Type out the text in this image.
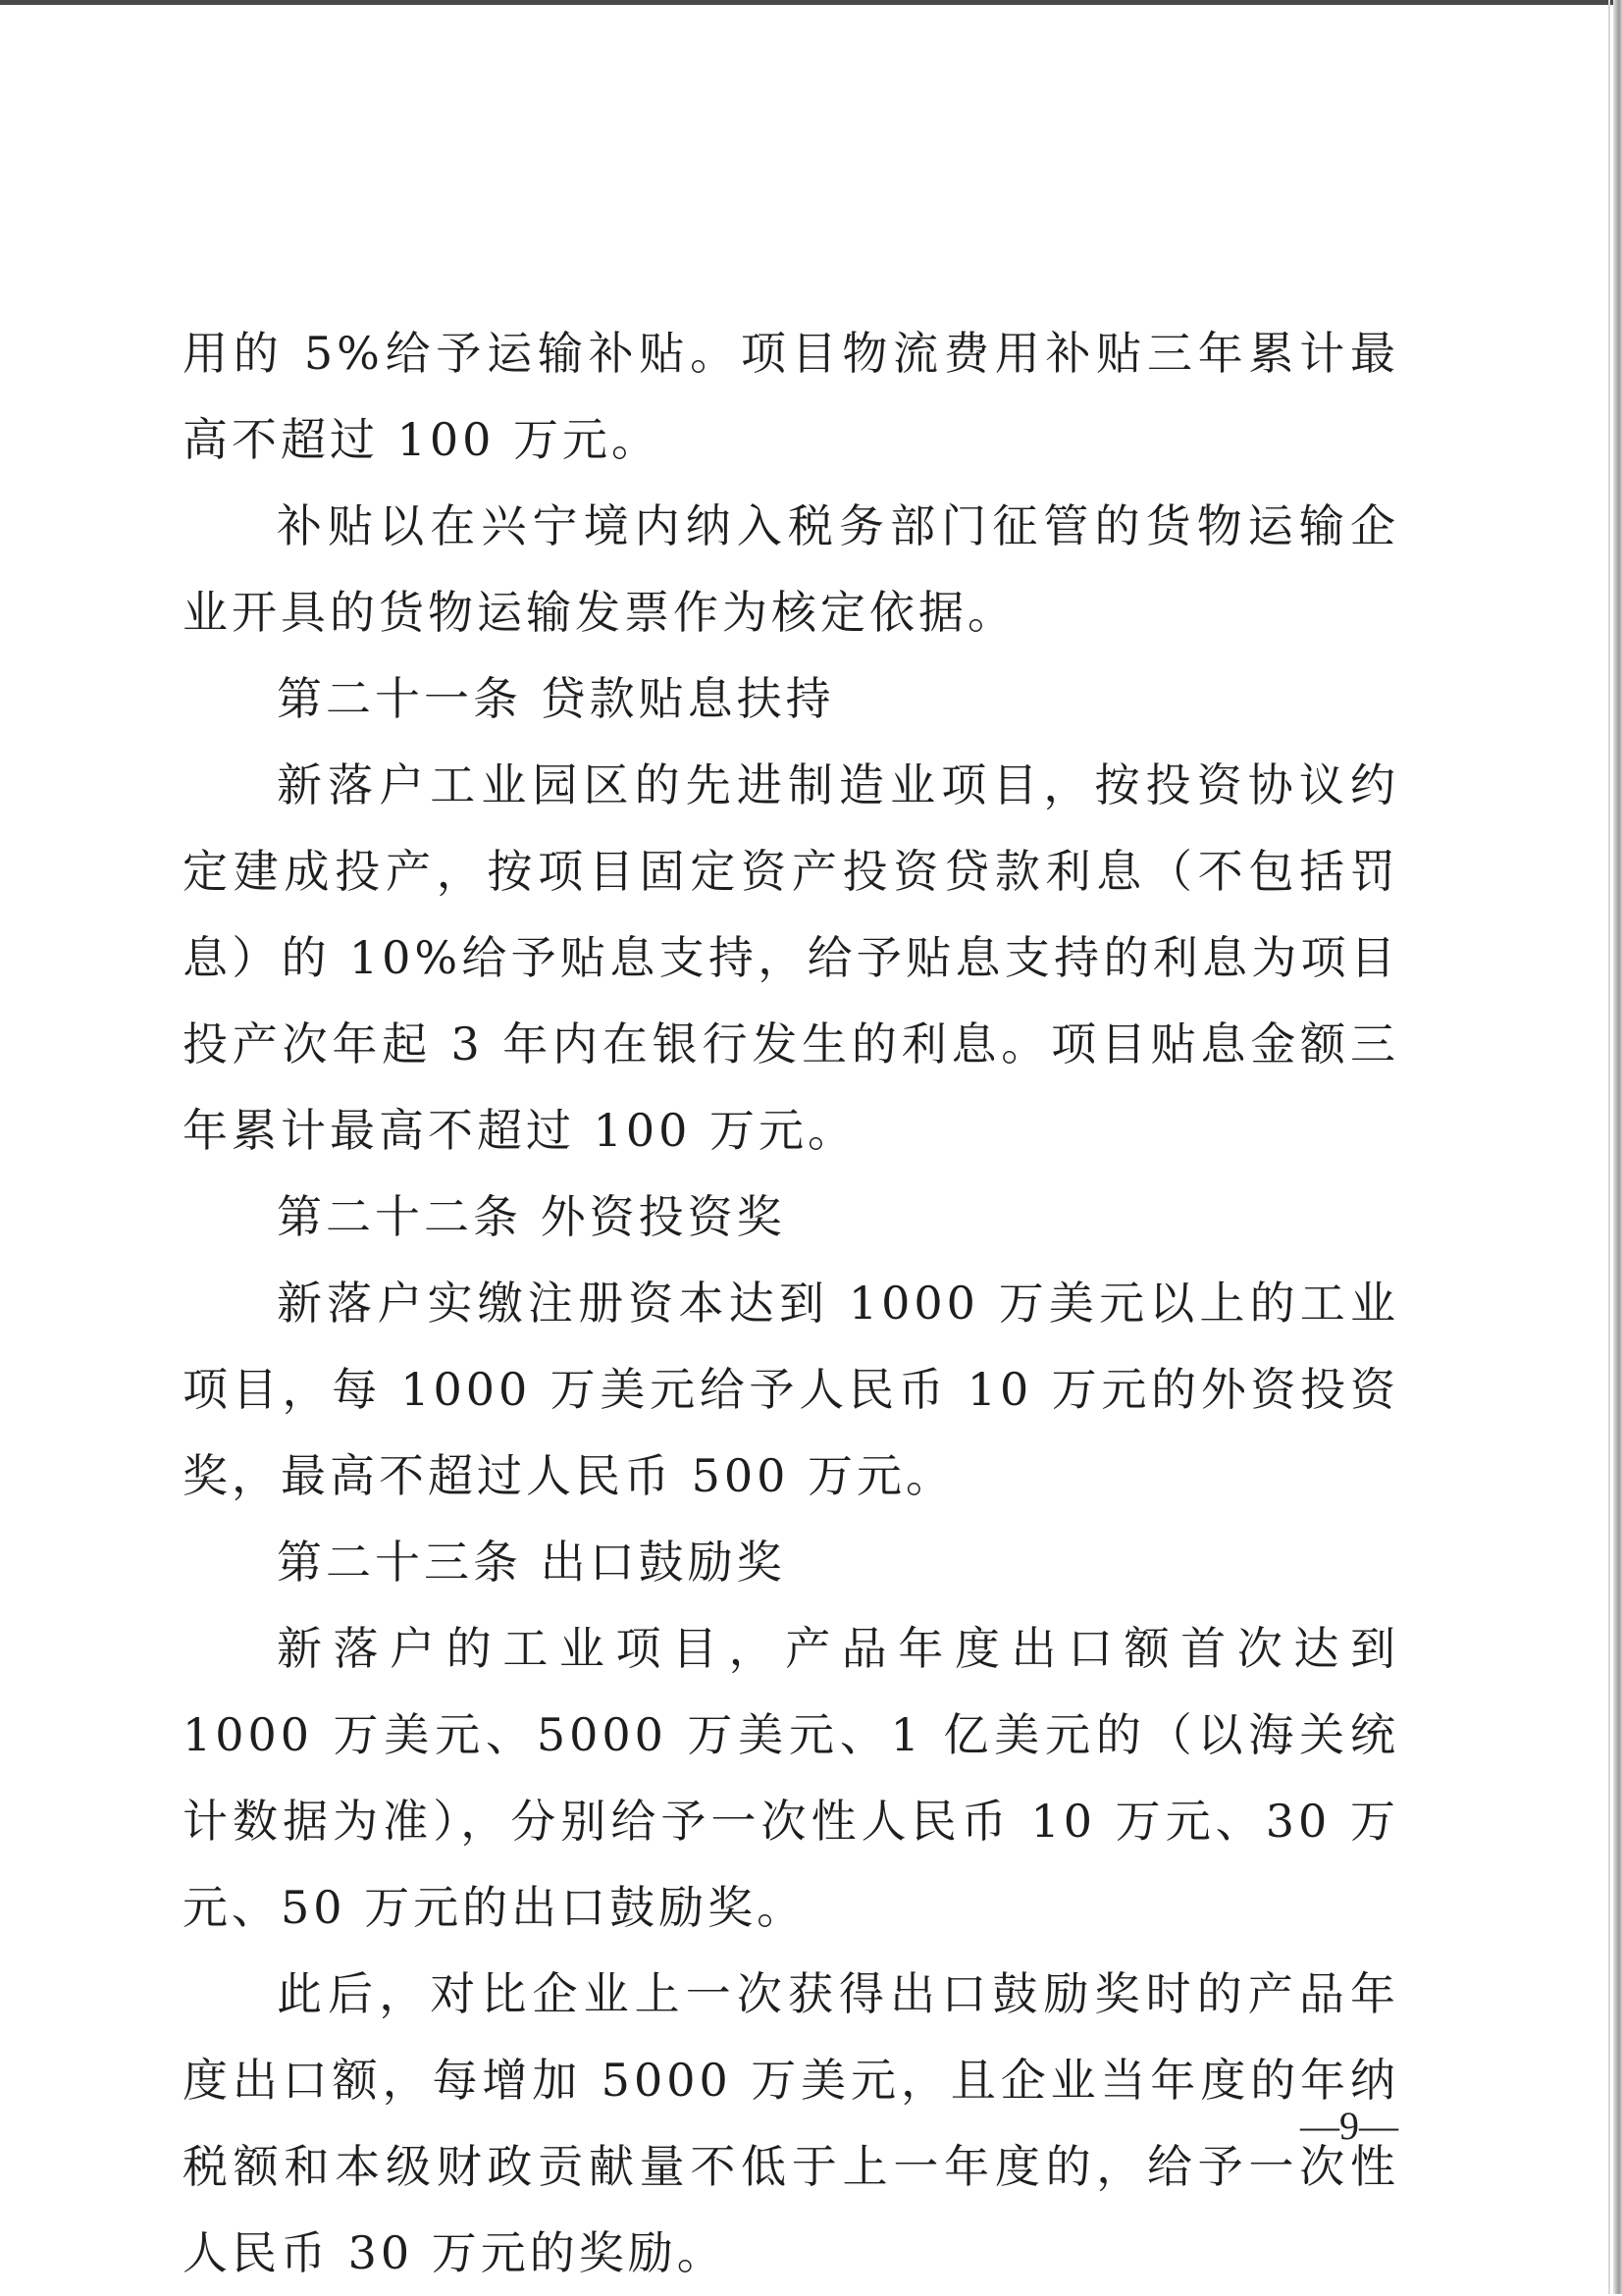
用的 5%给予运输补贴。项目物流费用补贴三年累计最高不超过 100 万元。

补贴以在兴宁境内纳入税务部门征管的货物运输企业开具的货物运输发票作为核定依据。

第二十一条 贷款贴息扶持

新落户工业园区的先进制造业项目，按投资协议约定建成投产，按项目固定资产投资贷款利息（不包括罚息）的 10%给予贴息支持，给予贴息支持的利息为项目投产次年起 3 年内在银行发生的利息。项目贴息金额三年累计最高不超过 100 万元。

第二十二条 外资投资奖

新落户实缴注册资本达到 1000 万美元以上的工业项目，每 1000 万美元给予人民币 10 万元的外资投资奖，最高不超过人民币 500 万元。

第二十三条 出口鼓励奖

新落户的工业项目，产品年度出口额首次达到 1000 万美元、5000 万美元、1 亿美元的（以海关统计数据为准），分别给予一次性人民币 10 万元、30 万元、50 万元的出口鼓励奖。

此后，对比企业上一次获得出口鼓励奖时的产品年度出口额，每增加 5000 万美元，且企业当年度的年纳税额和本级财政贡献量不低于上一年度的，给予一次性人民币 30 万元的奖励。

—9—
